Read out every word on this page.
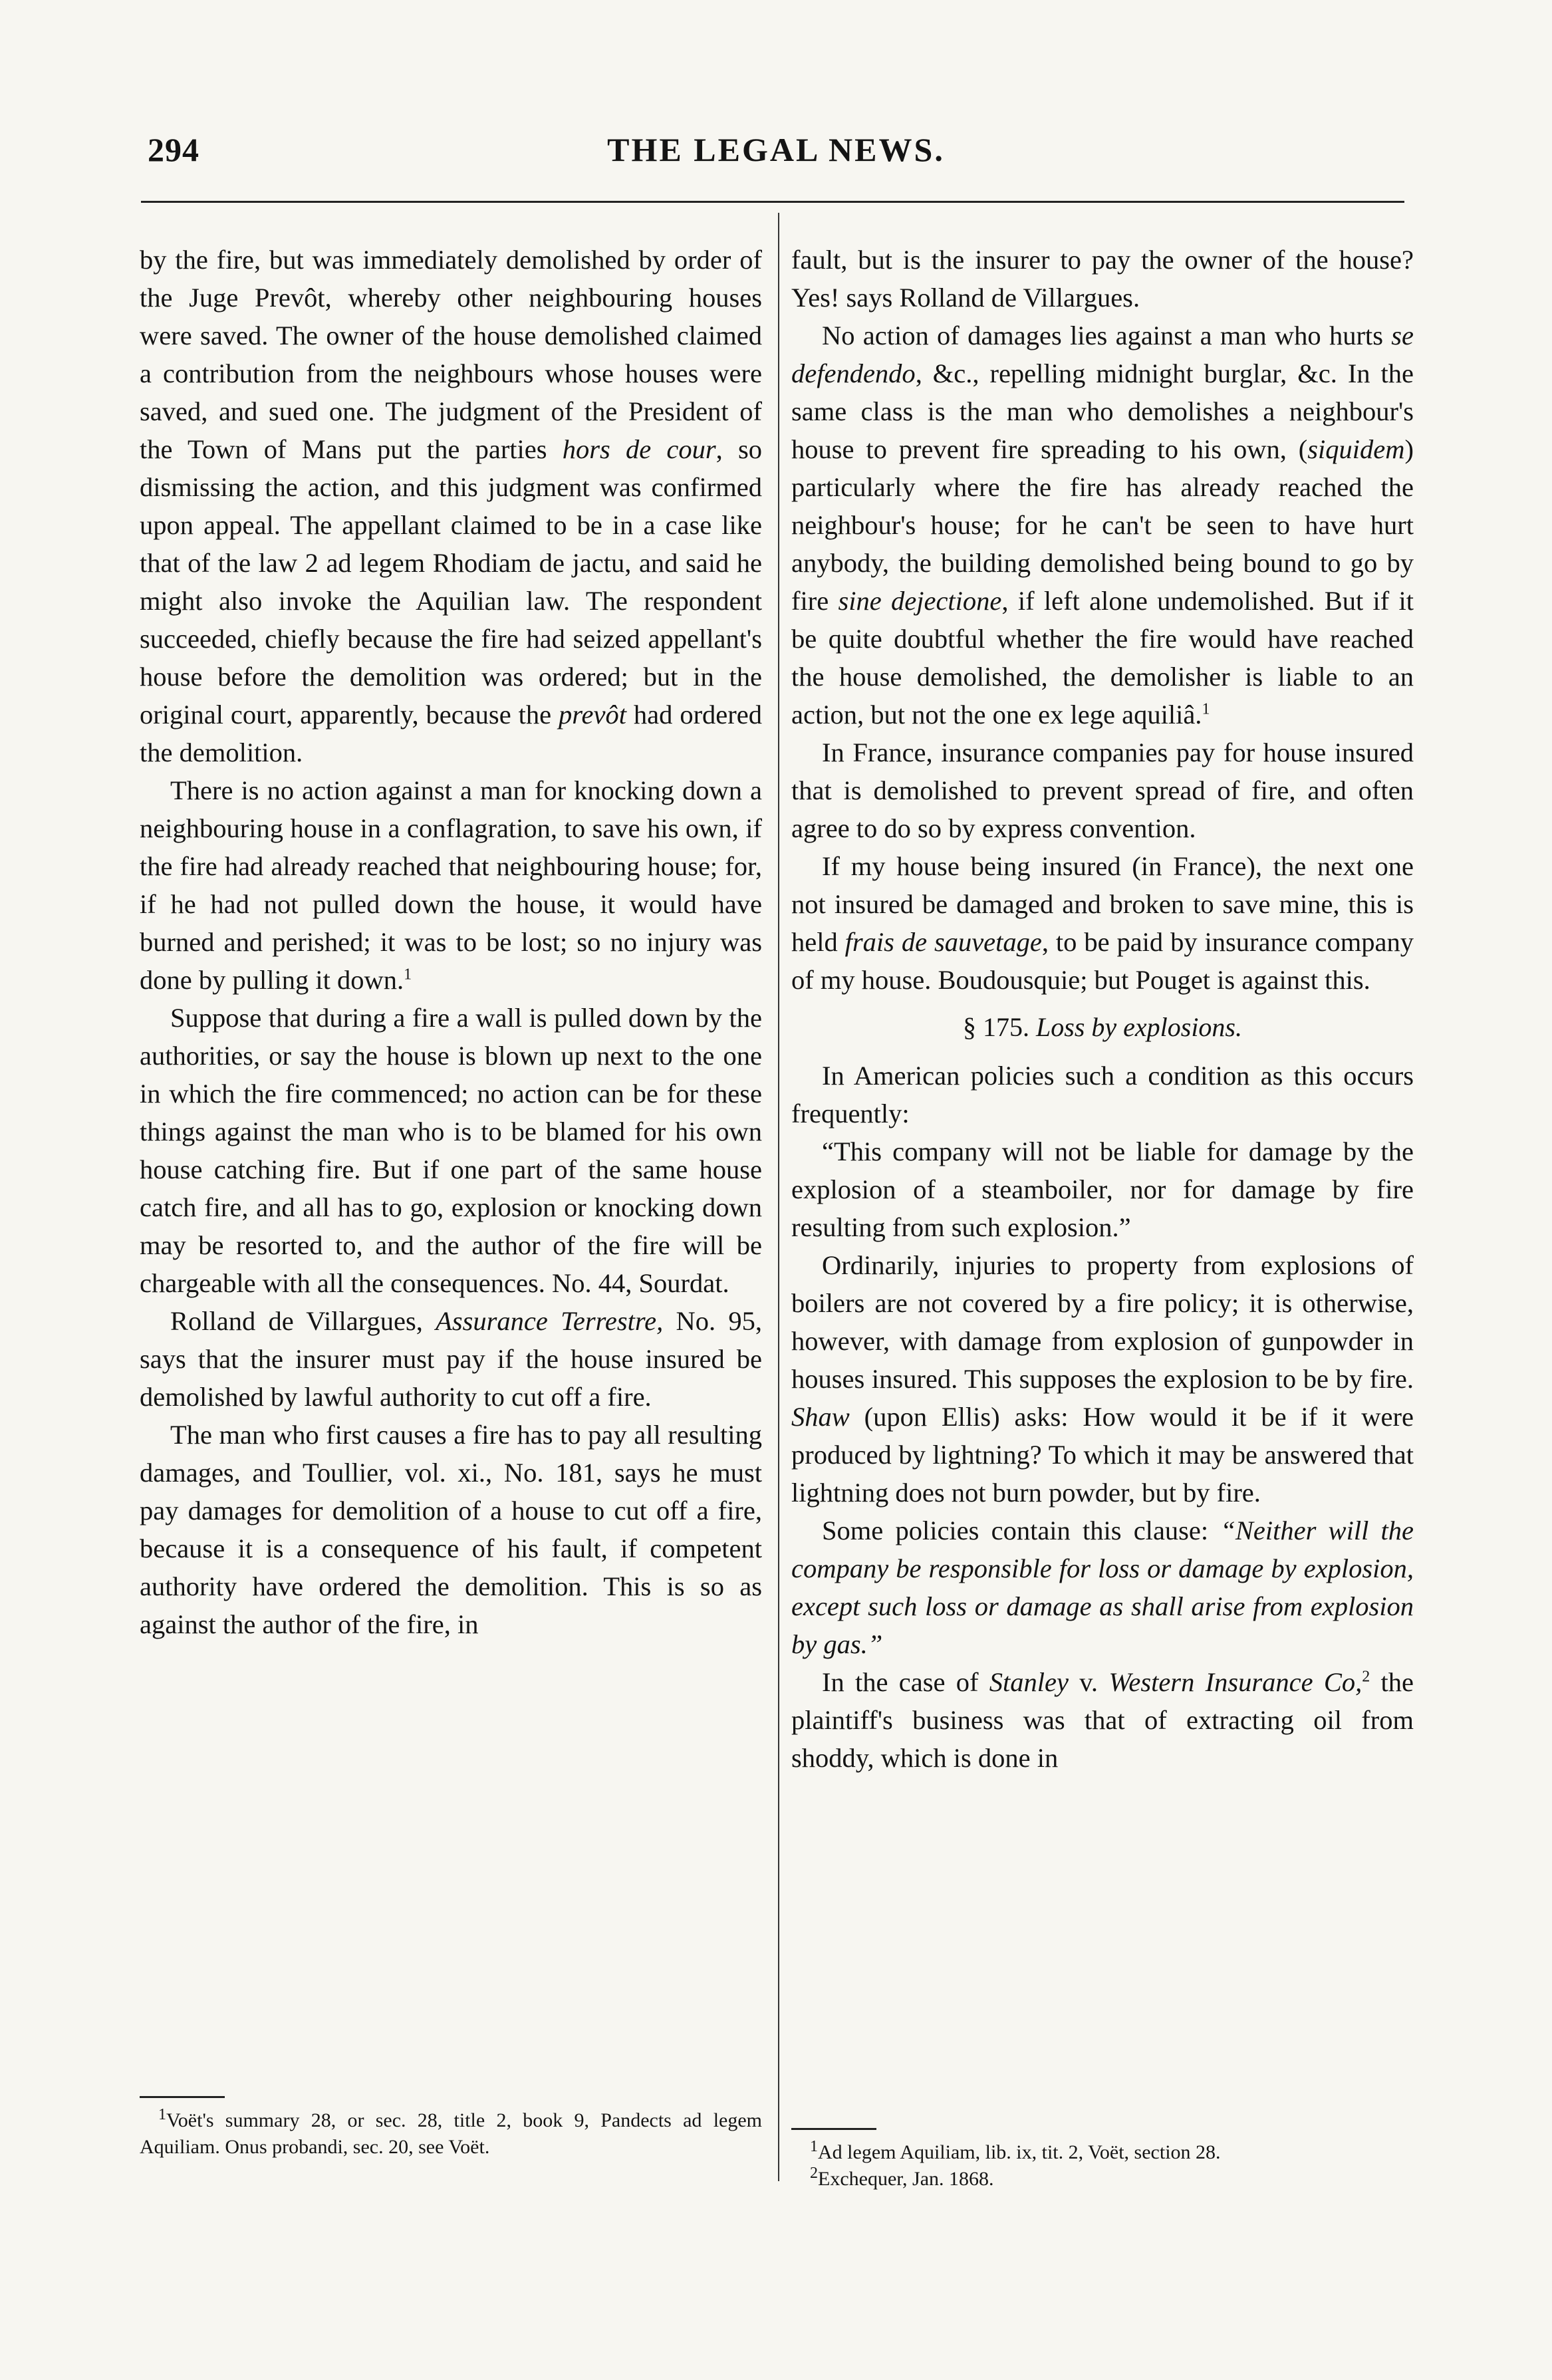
294	THE LEGAL NEWS.

by the fire, but was immediately demolished by order of the Juge Prevôt, whereby other neighbouring houses were saved. The owner of the house demolished claimed a contribution from the neighbours whose houses were saved, and sued one. The judgment of the President of the Town of Mans put the parties hors de cour, so dismissing the action, and this judgment was confirmed upon appeal. The appellant claimed to be in a case like that of the law 2 ad legem Rhodiam de jactu, and said he might also invoke the Aquilian law. The respondent succeeded, chiefly because the fire had seized appellant's house before the demolition was ordered; but in the original court, apparently, because the prevôt had ordered the demolition.

There is no action against a man for knocking down a neighbouring house in a conflagration, to save his own, if the fire had already reached that neighbouring house; for, if he had not pulled down the house, it would have burned and perished; it was to be lost; so no injury was done by pulling it down.$^1$

Suppose that during a fire a wall is pulled down by the authorities, or say the house is blown up next to the one in which the fire commenced; no action can be for these things against the man who is to be blamed for his own house catching fire. But if one part of the same house catch fire, and all has to go, explosion or knocking down may be resorted to, and the author of the fire will be chargeable with all the consequences. No. 44, Sourdat.

Rolland de Villargues, Assurance Terrestre, No. 95, says that the insurer must pay if the house insured be demolished by lawful authority to cut off a fire.

The man who first causes a fire has to pay all resulting damages, and Toullier, vol. xi., No. 181, says he must pay damages for demolition of a house to cut off a fire, because it is a consequence of his fault, if competent authority have ordered the demolition. This is so as against the author of the fire, in

$^1$Voët's summary 28, or sec. 28, title 2, book 9, Pandects ad legem Aquiliam. Onus probandi, sec. 20, see Voët.

fault, but is the insurer to pay the owner of the house? Yes! says Rolland de Villargues.

No action of damages lies against a man who hurts se defendendo, &c., repelling midnight burglar, &c. In the same class is the man who demolishes a neighbour's house to prevent fire spreading to his own, (siquidem) particularly where the fire has already reached the neighbour's house; for he can't be seen to have hurt anybody, the building demolished being bound to go by fire sine dejectione, if left alone undemolished. But if it be quite doubtful whether the fire would have reached the house demolished, the demolisher is liable to an action, but not the one ex lege aquiliâ.$^1$

In France, insurance companies pay for house insured that is demolished to prevent spread of fire, and often agree to do so by express convention.

If my house being insured (in France), the next one not insured be damaged and broken to save mine, this is held frais de sauvetage, to be paid by insurance company of my house. Boudousquie; but Pouget is against this.

§ 175. Loss by explosions.

In American policies such a condition as this occurs frequently:

“This company will not be liable for damage by the explosion of a steamboiler, nor for damage by fire resulting from such explosion.”

Ordinarily, injuries to property from explosions of boilers are not covered by a fire policy; it is otherwise, however, with damage from explosion of gunpowder in houses insured. This supposes the explosion to be by fire. Shaw (upon Ellis) asks: How would it be if it were produced by lightning? To which it may be answered that lightning does not burn powder, but by fire.

Some policies contain this clause: “Neither will the company be responsible for loss or damage by explosion, except such loss or damage as shall arise from explosion by gas.”

In the case of Stanley v. Western Insurance Co,$^2$ the plaintiff's business was that of extracting oil from shoddy, which is done in

$^1$Ad legem Aquiliam, lib. ix, tit. 2, Voët, section 28.

$^2$Exchequer, Jan. 1868.
